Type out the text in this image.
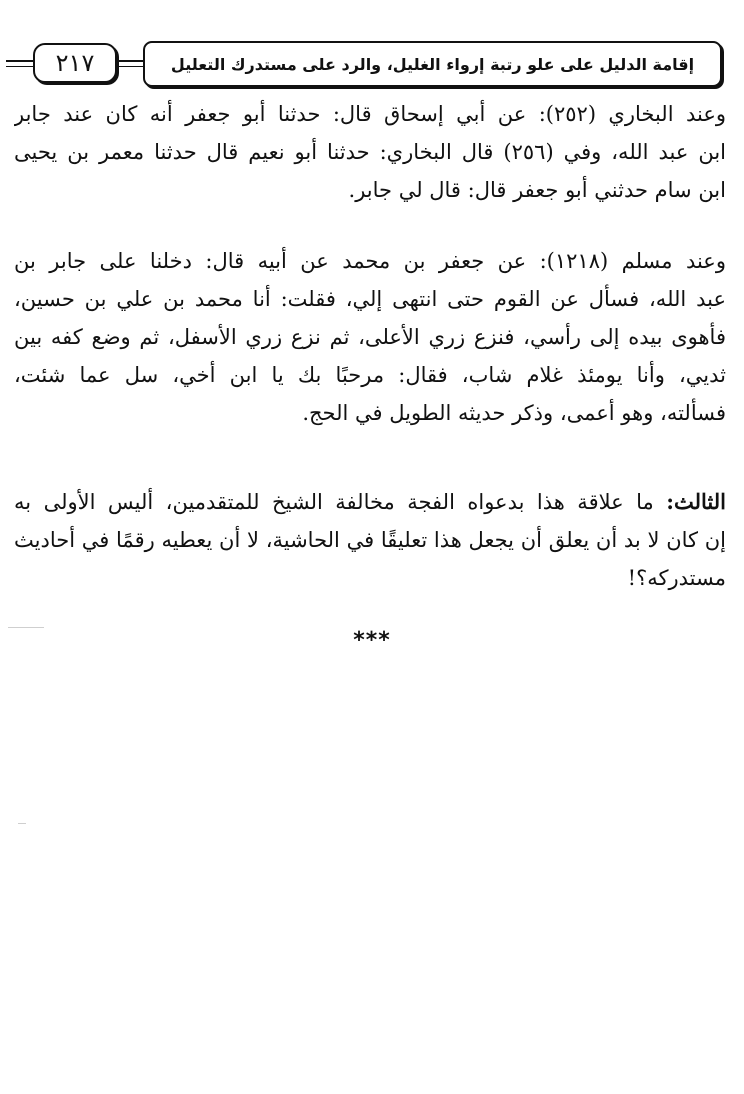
٢١٧	إقامة الدليل على علو رتبة إرواء الغليل، والرد على مستدرك التعليل
وعند البخاري (٢٥٢): عن أبي إسحاق قال: حدثنا أبو جعفر أنه كان عند جابر
ابن عبد الله، وفي (٢٥٦) قال البخاري: حدثنا أبو نعيم قال حدثنا معمر بن يحيى
ابن سام حدثني أبو جعفر قال: قال لي جابر.
وعند مسلم (١٢١٨): عن جعفر بن محمد عن أبيه قال: دخلنا على جابر بن
عبد الله، فسأل عن القوم حتى انتهى إلي، فقلت: أنا محمد بن علي بن حسين،
فأهوى بيده إلى رأسي، فنزع زري الأعلى، ثم نزع زري الأسفل، ثم وضع كفه بين
ثديي، وأنا يومئذ غلام شاب، فقال: مرحبًا بك يا ابن أخي، سل عما شئت،
فسألته، وهو أعمى، وذكر حديثه الطويل في الحج.
الثالث: ما علاقة هذا بدعواه الفجة مخالفة الشيخ للمتقدمين، أليس الأولى به
إن كان لا بد أن يعلق أن يجعل هذا تعليقًا في الحاشية، لا أن يعطيه رقمًا في أحاديث
مستدركه؟!
***
